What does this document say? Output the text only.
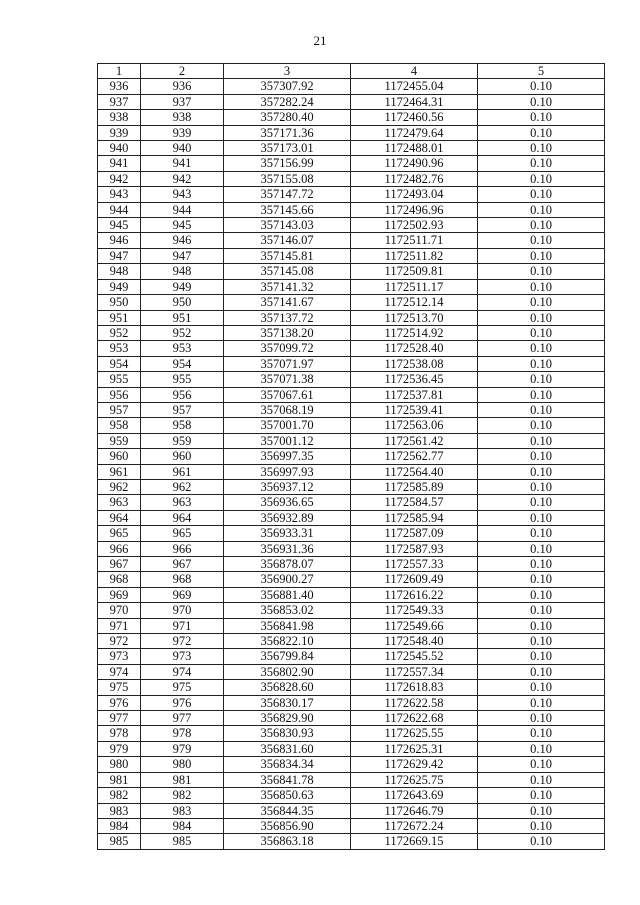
21
1	2	3	4	5
936	936	357307.92	1172455.04	0.10
937	937	357282.24	1172464.31	0.10
938	938	357280.40	1172460.56	0.10
939	939	357171.36	1172479.64	0.10
940	940	357173.01	1172488.01	0.10
941	941	357156.99	1172490.96	0.10
942	942	357155.08	1172482.76	0.10
943	943	357147.72	1172493.04	0.10
944	944	357145.66	1172496.96	0.10
945	945	357143.03	1172502.93	0.10
946	946	357146.07	1172511.71	0.10
947	947	357145.81	1172511.82	0.10
948	948	357145.08	1172509.81	0.10
949	949	357141.32	1172511.17	0.10
950	950	357141.67	1172512.14	0.10
951	951	357137.72	1172513.70	0.10
952	952	357138.20	1172514.92	0.10
953	953	357099.72	1172528.40	0.10
954	954	357071.97	1172538.08	0.10
955	955	357071.38	1172536.45	0.10
956	956	357067.61	1172537.81	0.10
957	957	357068.19	1172539.41	0.10
958	958	357001.70	1172563.06	0.10
959	959	357001.12	1172561.42	0.10
960	960	356997.35	1172562.77	0.10
961	961	356997.93	1172564.40	0.10
962	962	356937.12	1172585.89	0.10
963	963	356936.65	1172584.57	0.10
964	964	356932.89	1172585.94	0.10
965	965	356933.31	1172587.09	0.10
966	966	356931.36	1172587.93	0.10
967	967	356878.07	1172557.33	0.10
968	968	356900.27	1172609.49	0.10
969	969	356881.40	1172616.22	0.10
970	970	356853.02	1172549.33	0.10
971	971	356841.98	1172549.66	0.10
972	972	356822.10	1172548.40	0.10
973	973	356799.84	1172545.52	0.10
974	974	356802.90	1172557.34	0.10
975	975	356828.60	1172618.83	0.10
976	976	356830.17	1172622.58	0.10
977	977	356829.90	1172622.68	0.10
978	978	356830.93	1172625.55	0.10
979	979	356831.60	1172625.31	0.10
980	980	356834.34	1172629.42	0.10
981	981	356841.78	1172625.75	0.10
982	982	356850.63	1172643.69	0.10
983	983	356844.35	1172646.79	0.10
984	984	356856.90	1172672.24	0.10
985	985	356863.18	1172669.15	0.10
